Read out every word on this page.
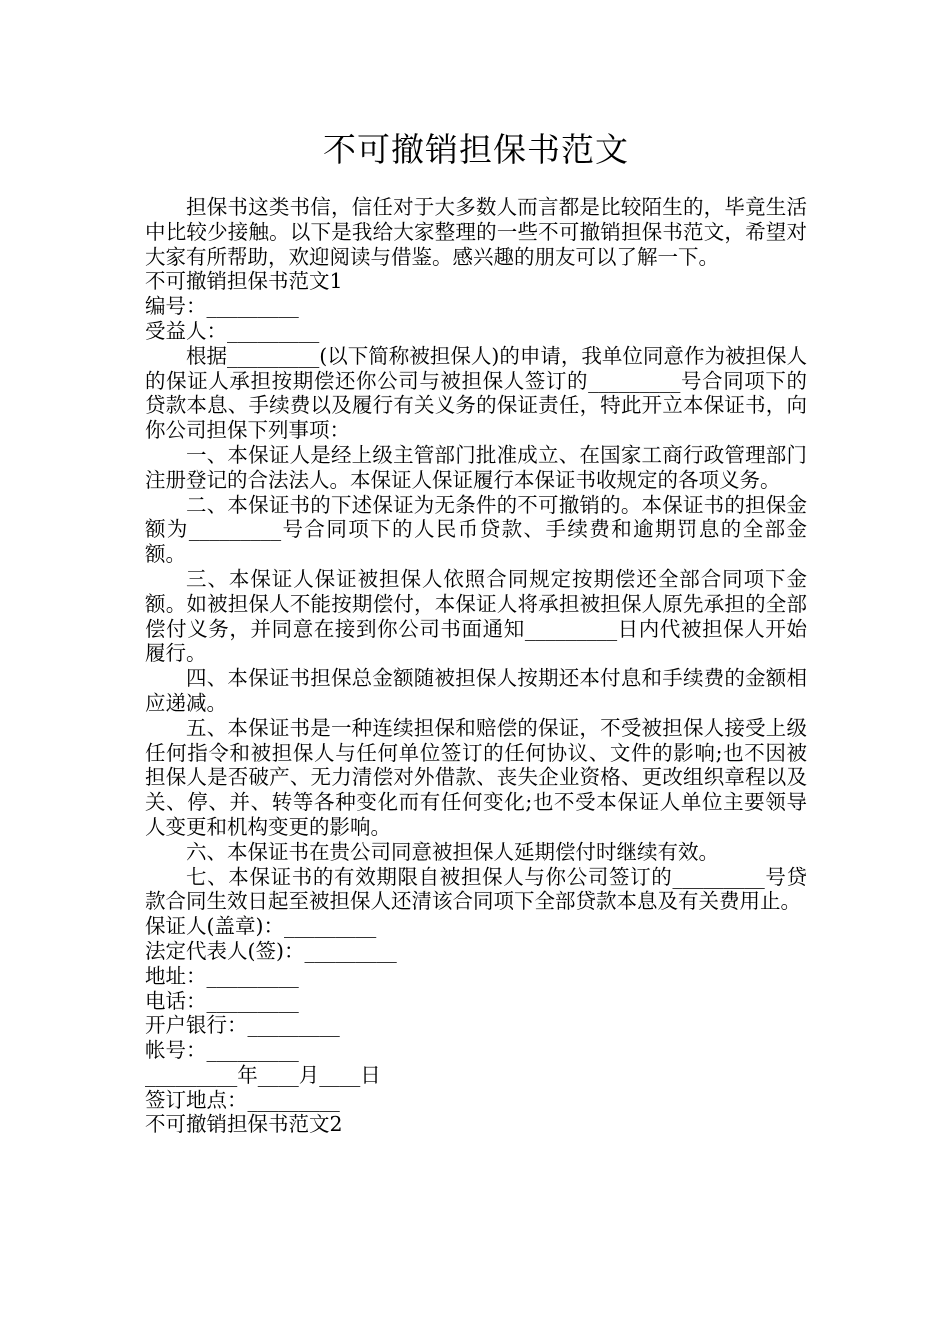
不可撤销担保书范文

担保书这类书信，信任对于大多数人而言都是比较陌生的，毕竟生活中比较少接触。以下是我给大家整理的一些不可撤销担保书范文，希望对大家有所帮助，欢迎阅读与借鉴。感兴趣的朋友可以了解一下。

不可撤销担保书范文1

编号：_________

受益人：_________

根据_________(以下简称被担保人)的申请，我单位同意作为被担保人的保证人承担按期偿还你公司与被担保人签订的_________号合同项下的贷款本息、手续费以及履行有关义务的保证责任，特此开立本保证书，向你公司担保下列事项：

一、本保证人是经上级主管部门批准成立、在国家工商行政管理部门注册登记的合法法人。本保证人保证履行本保证书收规定的各项义务。

二、本保证书的下述保证为无条件的不可撤销的。本保证书的担保金额为_________号合同项下的人民币贷款、手续费和逾期罚息的全部金额。

三、本保证人保证被担保人依照合同规定按期偿还全部合同项下金额。如被担保人不能按期偿付，本保证人将承担被担保人原先承担的全部偿付义务，并同意在接到你公司书面通知_________日内代被担保人开始履行。

四、本保证书担保总金额随被担保人按期还本付息和手续费的金额相应递减。

五、本保证书是一种连续担保和赔偿的保证，不受被担保人接受上级任何指令和被担保人与任何单位签订的任何协议、文件的影响;也不因被担保人是否破产、无力清偿对外借款、丧失企业资格、更改组织章程以及关、停、并、转等各种变化而有任何变化;也不受本保证人单位主要领导人变更和机构变更的影响。

六、本保证书在贵公司同意被担保人延期偿付时继续有效。

七、本保证书的有效期限自被担保人与你公司签订的_________号贷款合同生效日起至被担保人还清该合同项下全部贷款本息及有关费用止。

保证人(盖章)：_________

法定代表人(签)：_________

地址：_________

电话：_________

开户银行：_________

帐号：_________

_________年____月____日

签订地点：_________

不可撤销担保书范文2
